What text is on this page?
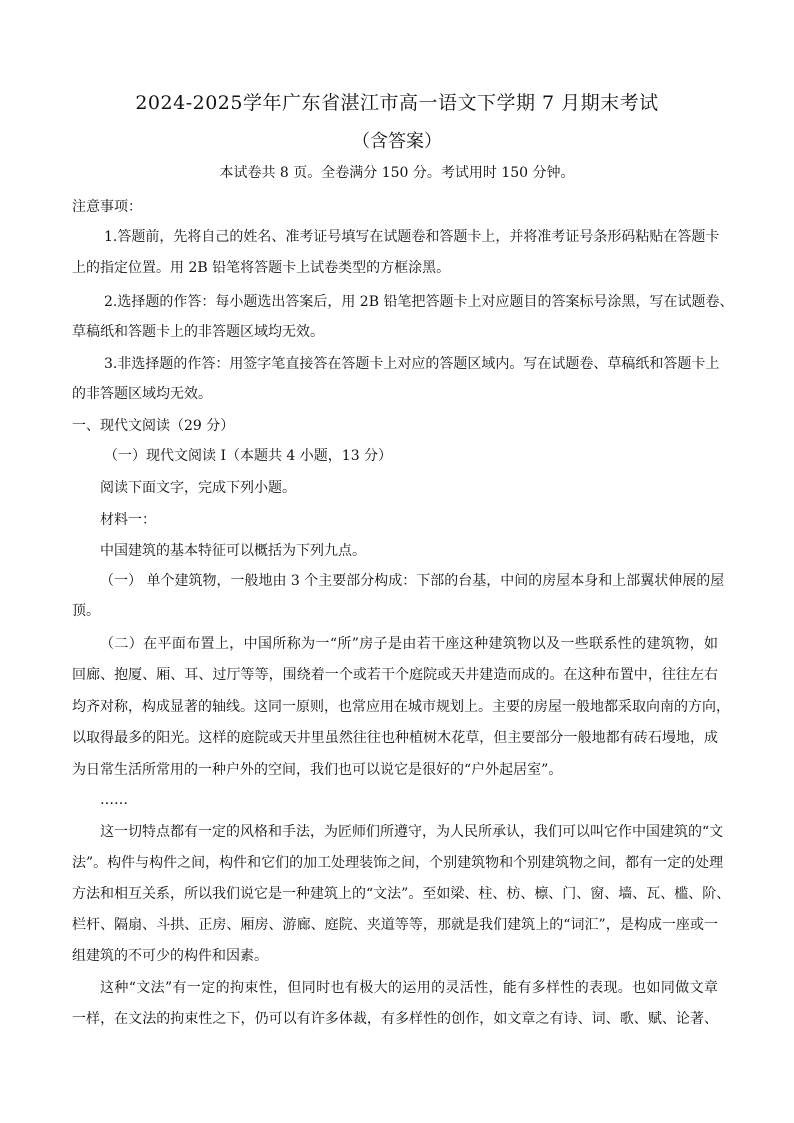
2024-2025学年广东省湛江市高一语文下学期 7 月期末考试
（含答案）
本试卷共 8 页。全卷满分 150 分。考试用时 150 分钟。
注意事项：
1.答题前，先将自己的姓名、准考证号填写在试题卷和答题卡上，并将准考证号条形码粘贴在答题卡
上的指定位置。用 2B 铅笔将答题卡上试卷类型的方框涂黑。
2.选择题的作答：每小题选出答案后，用 2B 铅笔把答题卡上对应题目的答案标号涂黑，写在试题卷、
草稿纸和答题卡上的非答题区域均无效。
3.非选择题的作答：用签字笔直接答在答题卡上对应的答题区域内。写在试题卷、草稿纸和答题卡上
的非答题区域均无效。
一、现代文阅读（29 分）
（一）现代文阅读 I（本题共 4 小题，13 分）
阅读下面文字，完成下列小题。
材料一：
中国建筑的基本特征可以概括为下列九点。
（一） 单个建筑物，一般地由 3 个主要部分构成：下部的台基，中间的房屋本身和上部翼状伸展的屋
顶。
（二）在平面布置上，中国所称为一“所”房子是由若干座这种建筑物以及一些联系性的建筑物，如
回廊、抱厦、厢、耳、过厅等等，围绕着一个或若干个庭院或天井建造而成的。在这种布置中，往往左右
均齐对称，构成显著的轴线。这同一原则，也常应用在城市规划上。主要的房屋一般地都采取向南的方向，
以取得最多的阳光。这样的庭院或天井里虽然往往也种植树木花草，但主要部分一般地都有砖石墁地，成
为日常生活所常用的一种户外的空间，我们也可以说它是很好的“户外起居室”。
……
这一切特点都有一定的风格和手法，为匠师们所遵守，为人民所承认，我们可以叫它作中国建筑的“文
法”。构件与构件之间，构件和它们的加工处理装饰之间，个别建筑物和个别建筑物之间，都有一定的处理
方法和相互关系，所以我们说它是一种建筑上的“文法”。至如梁、柱、枋、檩、门、窗、墙、瓦、槛、阶、
栏杆、隔扇、斗拱、正房、厢房、游廊、庭院、夹道等等，那就是我们建筑上的“词汇”，是构成一座或一
组建筑的不可少的构件和因素。
这种“文法”有一定的拘束性，但同时也有极大的运用的灵活性，能有多样性的表现。也如同做文章
一样，在文法的拘束性之下，仍可以有许多体裁，有多样性的创作，如文章之有诗、词、歌、赋、论著、
